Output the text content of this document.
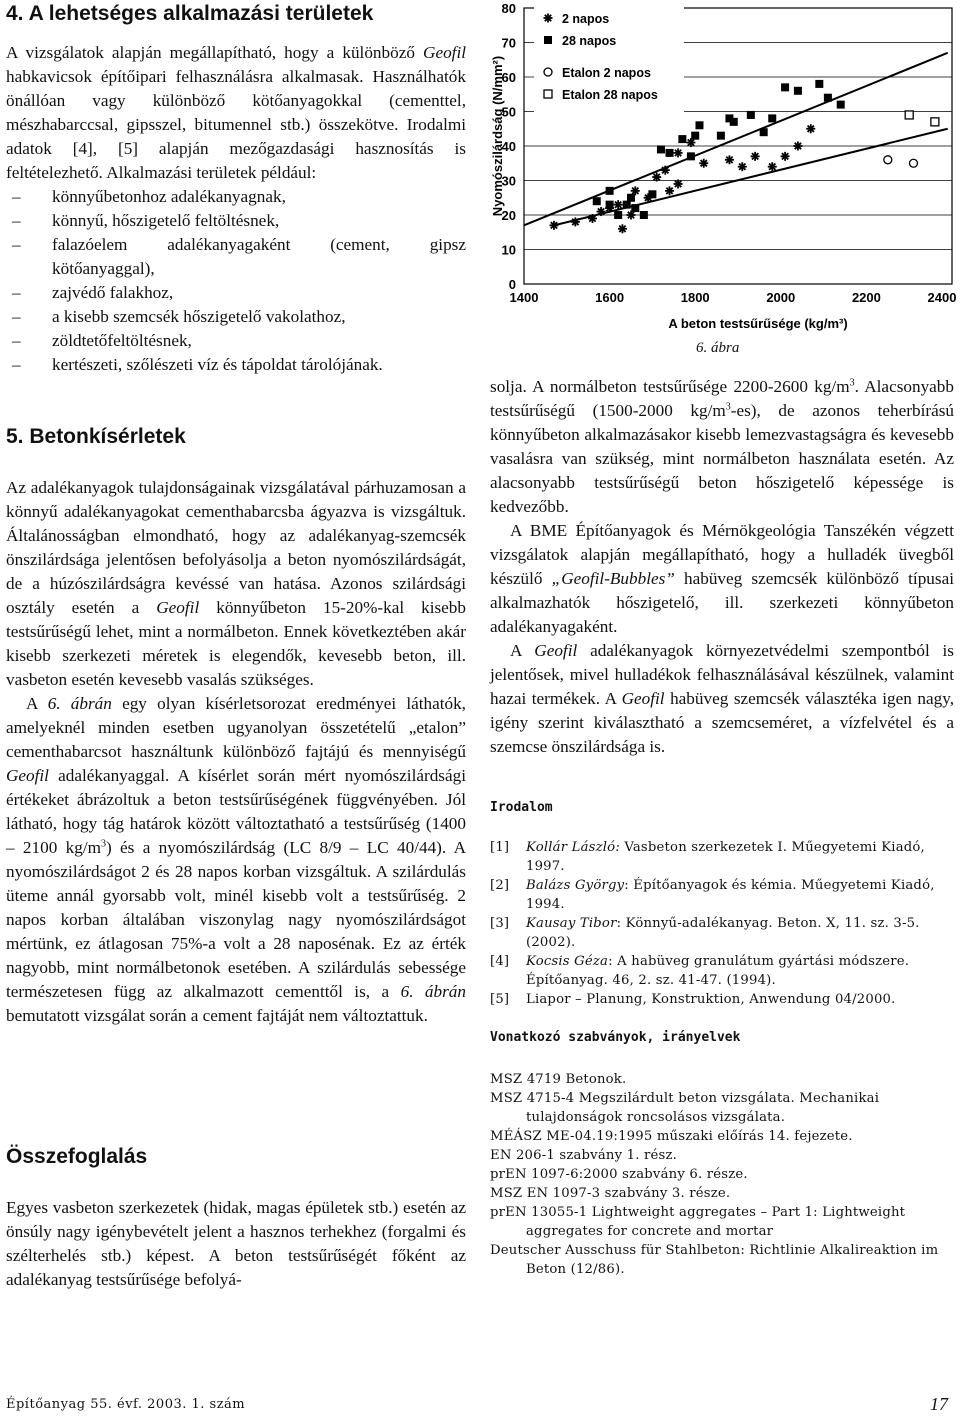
4. A lehetséges alkalmazási területek

A vizsgálatok alapján megállapítható, hogy a különböző Geofil habkavicsok építőipari felhasználásra alkalmasak. Használhatók önállóan vagy különböző kötőanyagokkal (cementtel, mészhabarccsal, gipsszel, bitumennel stb.) összekötve. Irodalmi adatok [4], [5] alapján mezőgazdasági hasznosítás is feltételezhető. Alkalmazási területek például:

– könnyűbetonhoz adalékanyagnak,
– könnyű, hőszigetelő feltöltésnek,
– falazóelem adalékanyagaként (cement, gipsz kötőanyaggal),
– zajvédő falakhoz,
– a kisebb szemcsék hőszigetelő vakolathoz,
– zöldtetőfeltöltésnek,
– kertészeti, szőlészeti víz és tápoldat tárolójának.
5. Betonkísérletek

Az adalékanyagok tulajdonságainak vizsgálatával párhuzamosan a könnyű adalékanyagokat cementhabarcsba ágyazva is vizsgáltuk. Általánosságban elmondható, hogy az adalékanyag-szemcsék önszilárdsága jelentősen befolyásolja a beton nyomószilárdságát, de a húzószilárdságra kevéssé van hatása. Azonos szilárdsági osztály esetén a Geofil könnyűbeton 15-20%-kal kisebb testsűrűségű lehet, mint a normálbeton. Ennek következtében akár kisebb szerkezeti méretek is elegendők, kevesebb beton, ill. vasbeton esetén kevesebb vasalás szükséges.

A 6. ábrán egy olyan kísérletsorozat eredményei láthatók, amelyeknél minden esetben ugyanolyan összetételű „etalon” cementhabarcsot használtunk különböző fajtájú és mennyiségű Geofil adalékanyaggal. A kísérlet során mért nyomószilárdsági értékeket ábrázoltuk a beton testsűrűségének függvényében. Jól látható, hogy tág határok között változtatható a testsűrűség (1400 – 2100 $kg/m^3$) és a nyomószilárdság (LC 8/9 – LC 40/44). A nyomószilárdságot 2 és 28 napos korban vizsgáltuk. A szilárdulás üteme annál gyorsabb volt, minél kisebb volt a testsűrűség. 2 napos korban általában viszonylag nagy nyomószilárdságot mértünk, ez átlagosan 75%-a volt a 28 naposénak. Ez az érték nagyobb, mint normálbetonok esetében. A szilárdulás sebessége természetesen függ az alkalmazott cementtől is, a 6. ábrán bemutatott vizsgálat során a cement fajtáját nem változtattuk.

Összefoglalás
Egyes vasbeton szerkezetek (hidak, magas épületek stb.) esetén az önsúly nagy igénybevételt jelent a hasznos terhekhez (forgalmi és szélterhelés stb.) képest. A beton testsűrűségét főként az adalékanyag testsűrűsége befolyá-
2 napos
28 napos
Etalon 2 napos
Etalon 28 napos
0
10
20
30
40
50
60
70
80
1400	1600	1800	2000	2200	2400
A beton testsűrűsége (kg/m³)
Nyomószilárdság (N/mm²)
6. ábra

solja. A normálbeton testsűrűsége 2200-2600 $kg/m^3$. Alacsonyabb testsűrűségű (1500-2000 $kg/m^3-es$), de azonos teherbírású könnyűbeton alkalmazásakor kisebb lemezvastagságra és kevesebb vasalásra van szükség, mint normálbeton használata esetén. Az alacsonyabb testsűrűségű beton hőszigetelő képessége is kedvezőbb.

A BME Építőanyagok és Mérnökgeológia Tanszékén végzett vizsgálatok alapján megállapítható, hogy a hulladék üvegből készülő „Geofil-Bubbles” habüveg szemcsék különböző típusai alkalmazhatók hőszigetelő, ill. szerkezeti könnyűbeton adalékanyagaként.

A Geofil adalékanyagok környezetvédelmi szempontból is jelentősek, mivel hulladékok felhasználásával készülnek, valamint hazai termékek. A Geofil habüveg szemcsék választéka igen nagy, igény szerint kiválasztható a szemcseméret, a vízfelvétel és a szemcse önszilárdsága is.

Irodalom
[1] Kollár László: Vasbeton szerkezetek I. Műegyetemi Kiadó, 1997.
[2] Balázs György: Építőanyagok és kémia. Műegyetemi Kiadó, 1994.
[3] Kausay Tibor: Könnyű-adalékanyag. Beton. X, 11. sz. 3-5. (2002).
[4] Kocsis Géza: A habüveg granulátum gyártási módszere. Építőanyag. 46, 2. sz. 41-47. (1994).
[5] Liapor – Planung, Konstruktion, Anwendung 04/2000.
Vonatkozó szabványok, irányelvek
MSZ 4719 Betonok.
MSZ 4715-4 Megszilárdult beton vizsgálata. Mechanikai tulajdonságok roncsolásos vizsgálata.
MÉÁSZ ME-04.19:1995 műszaki előírás 14. fejezete.
EN 206-1 szabvány 1. rész.
prEN 1097-6:2000 szabvány 6. része.
MSZ EN 1097-3 szabvány 3. része.
prEN 13055-1 Lightweight aggregates – Part 1: Lightweight aggregates for concrete and mortar
Deutscher Ausschuss für Stahlbeton: Richtlinie Alkalireaktion im Beton (12/86).
Építőanyag 55. évf. 2003. 1. szám	17
